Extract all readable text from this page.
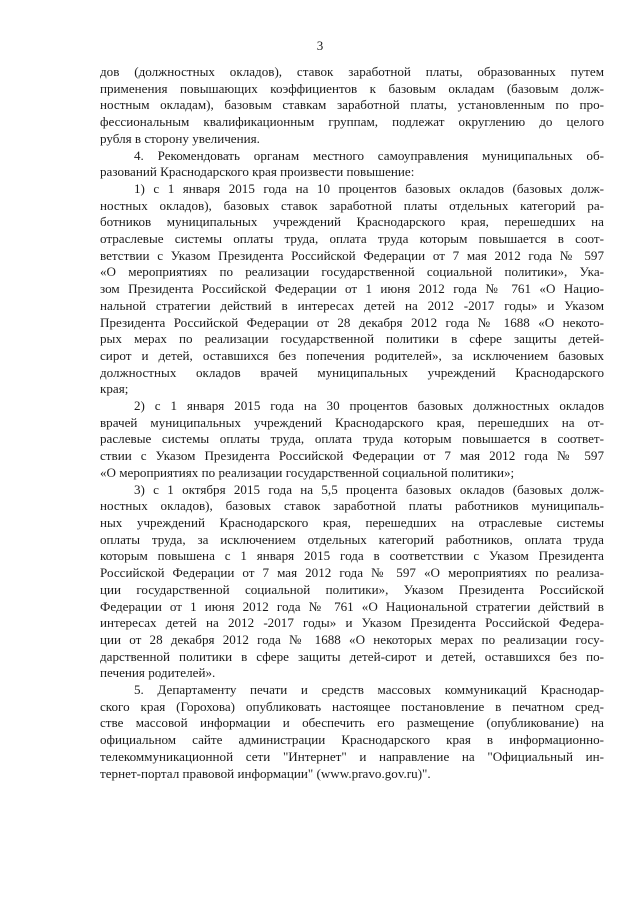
3
дов (должностных окладов), ставок заработной платы, образованных путем
применения повышающих коэффициентов к базовым окладам (базовым долж-
ностным окладам), базовым ставкам заработной платы, установленным по про-
фессиональным квалификационным группам, подлежат округлению до целого
рубля в сторону увеличения.
4. Рекомендовать органам местного самоуправления муниципальных об-
разований Краснодарского края произвести повышение:
1) с 1 января 2015 года на 10 процентов базовых окладов (базовых долж-
ностных окладов), базовых ставок заработной платы отдельных категорий ра-
ботников муниципальных учреждений Краснодарского края, перешедших на
отраслевые системы оплаты труда, оплата труда которым повышается в соот-
ветствии с Указом Президента Российской Федерации от 7 мая 2012 года № 597
«О мероприятиях по реализации государственной социальной политики», Ука-
зом Президента Российской Федерации от 1 июня 2012 года № 761 «О Нацио-
нальной стратегии действий в интересах детей на 2012 -2017 годы» и Указом
Президента Российской Федерации от 28 декабря 2012 года № 1688 «О некото-
рых мерах по реализации государственной политики в сфере защиты детей-
сирот и детей, оставшихся без попечения родителей», за исключением базовых
должностных окладов врачей муниципальных учреждений Краснодарского
края;
2) с 1 января 2015 года на 30 процентов базовых должностных окладов
врачей муниципальных учреждений Краснодарского края, перешедших на от-
раслевые системы оплаты труда, оплата труда которым повышается в соответ-
ствии с Указом Президента Российской Федерации от 7 мая 2012 года № 597
«О мероприятиях по реализации государственной социальной политики»;
3) с 1 октября 2015 года на 5,5 процента базовых окладов (базовых долж-
ностных окладов), базовых ставок заработной платы работников муниципаль-
ных учреждений Краснодарского края, перешедших на отраслевые системы
оплаты труда, за исключением отдельных категорий работников, оплата труда
которым повышена с 1 января 2015 года в соответствии с Указом Президента
Российской Федерации от 7 мая 2012 года № 597 «О мероприятиях по реализа-
ции государственной социальной политики», Указом Президента Российской
Федерации от 1 июня 2012 года № 761 «О Национальной стратегии действий в
интересах детей на 2012 -2017 годы» и Указом Президента Российской Федера-
ции от 28 декабря 2012 года № 1688 «О некоторых мерах по реализации госу-
дарственной политики в сфере защиты детей-сирот и детей, оставшихся без по-
печения родителей».
5. Департаменту печати и средств массовых коммуникаций Краснодар-
ского края (Горохова) опубликовать настоящее постановление в печатном сред-
стве массовой информации и обеспечить его размещение (опубликование) на
официальном сайте администрации Краснодарского края в информационно-
телекоммуникационной сети "Интернет" и направление на "Официальный ин-
тернет-портал правовой информации" (www.pravo.gov.ru)".
